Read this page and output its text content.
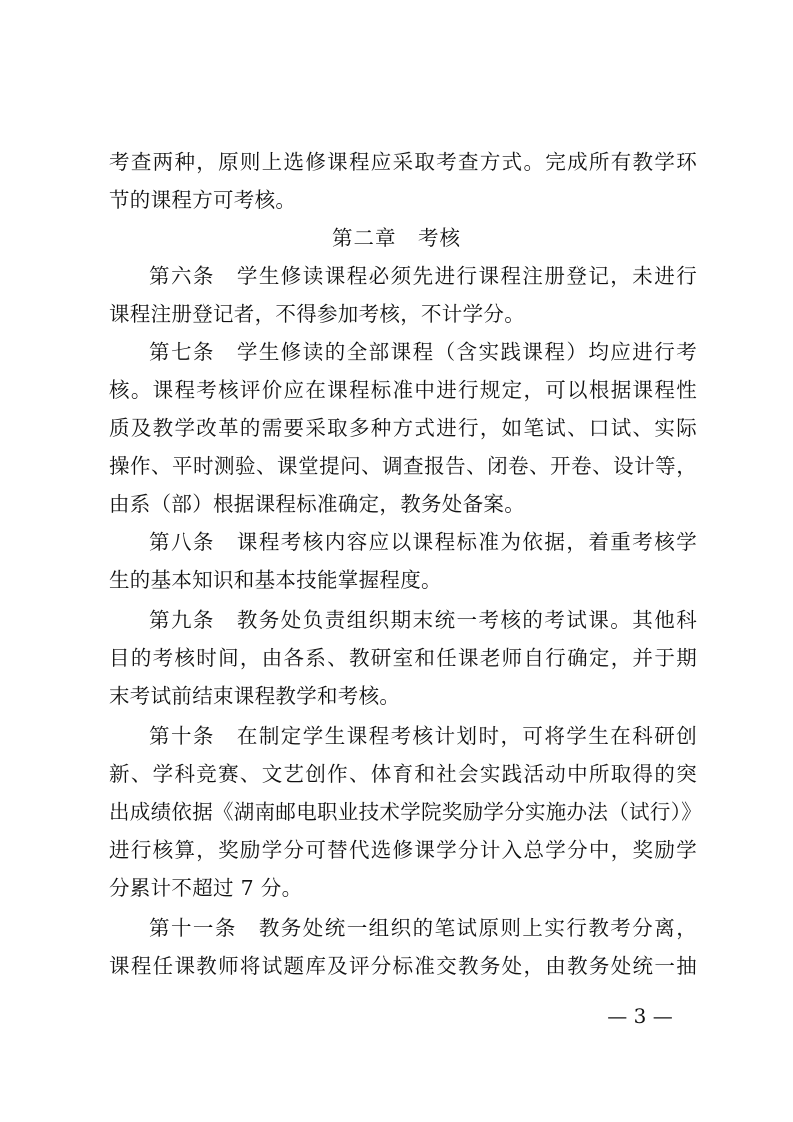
考查两种，原则上选修课程应采取考查方式。完成所有教学环
节的课程方可考核。
第二章　考核
第六条　学生修读课程必须先进行课程注册登记，未进行
课程注册登记者，不得参加考核，不计学分。
第七条　学生修读的全部课程（含实践课程）均应进行考
核。课程考核评价应在课程标准中进行规定，可以根据课程性
质及教学改革的需要采取多种方式进行，如笔试、口试、实际
操作、平时测验、课堂提问、调查报告、闭卷、开卷、设计等，
由系（部）根据课程标准确定，教务处备案。
第八条　课程考核内容应以课程标准为依据，着重考核学
生的基本知识和基本技能掌握程度。
第九条　教务处负责组织期末统一考核的考试课。其他科
目的考核时间，由各系、教研室和任课老师自行确定，并于期
末考试前结束课程教学和考核。
第十条　在制定学生课程考核计划时，可将学生在科研创
新、学科竞赛、文艺创作、体育和社会实践活动中所取得的突
出成绩依据《湖南邮电职业技术学院奖励学分实施办法（试行）》
进行核算，奖励学分可替代选修课学分计入总学分中，奖励学
分累计不超过 7 分。
第十一条　教务处统一组织的笔试原则上实行教考分离，
课程任课教师将试题库及评分标准交教务处，由教务处统一抽
— 3 —
